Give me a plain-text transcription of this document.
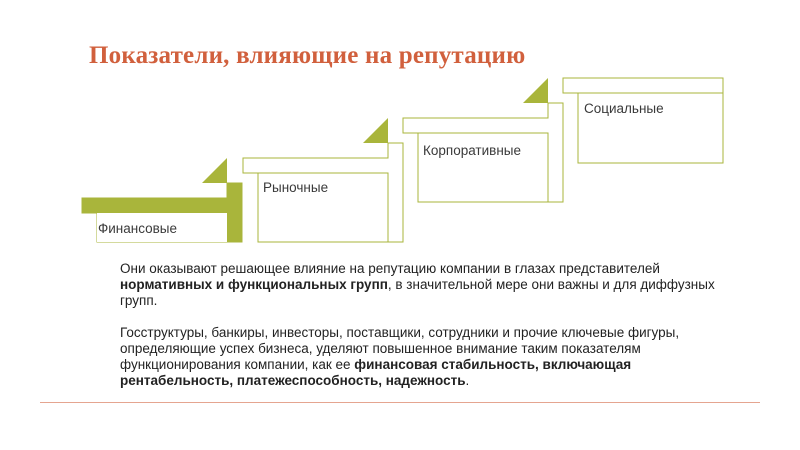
Показатели, влияющие на репутацию
Финансовые
Рыночные
Корпоративные
Социальные

Они оказывают решающее влияние на репутацию компании в глазах представителей нормативных и функциональных групп, в значительной мере они важны и для диффузных групп.

Госструктуры, банкиры, инвесторы, поставщики, сотрудники и прочие ключевые фигуры, определяющие успех бизнеса, уделяют повышенное внимание таким показателям функционирования компании, как ее финансовая стабильность, включающая рентабельность, платежеспособность, надежность.
